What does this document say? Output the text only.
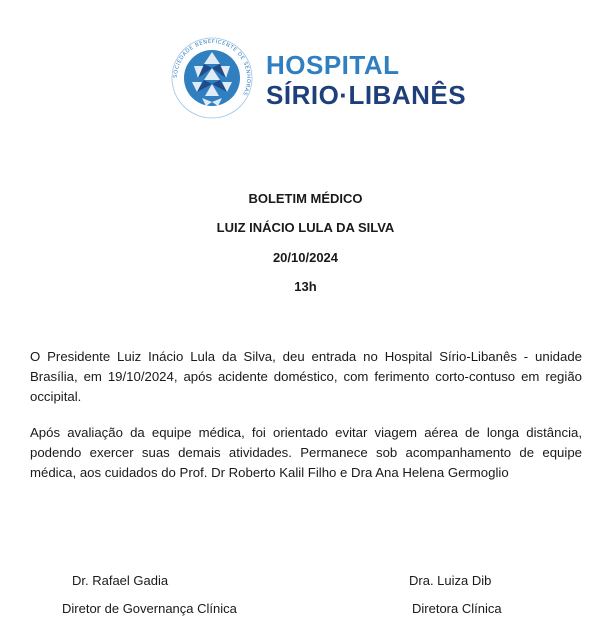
SOCIEDADE BENEFICENTE DE SENHORAS
HOSPITAL
SÍRIO·LIBANÊS
BOLETIM MÉDICO
LUIZ INÁCIO LULA DA SILVA
20/10/2024
13h
O Presidente Luiz Inácio Lula da Silva, deu entrada no Hospital Sírio-Libanês - unidade Brasília, em 19/10/2024, após acidente doméstico, com ferimento corto-contuso em região occipital.
Após avaliação da equipe médica, foi orientado evitar viagem aérea de longa distância, podendo exercer suas demais atividades. Permanece sob acompanhamento de equipe médica, aos cuidados do Prof. Dr Roberto Kalil Filho e Dra Ana Helena Germoglio
Dr. Rafael Gadia
Diretor de Governança Clínica
Dra. Luiza Dib
Diretora Clínica
